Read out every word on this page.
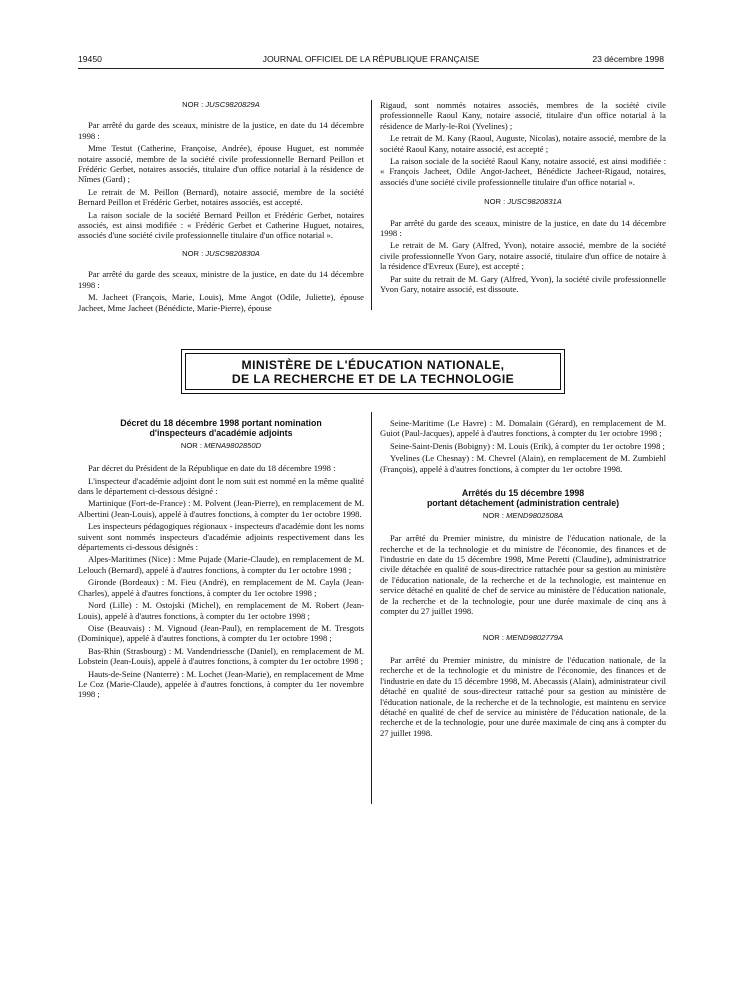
19450	JOURNAL OFFICIEL DE LA RÉPUBLIQUE FRANÇAISE	23 décembre 1998
NOR : JUSC9820829A

Par arrêté du garde des sceaux, ministre de la justice, en date du 14 décembre 1998 :

Mme Testut (Catherine, Françoise, Andrée), épouse Huguet, est nommée notaire associé, membre de la société civile professionnelle Bernard Peillon et Frédéric Gerbet, notaires associés, titulaire d'un office notarial à la résidence de Nîmes (Gard) ;

Le retrait de M. Peillon (Bernard), notaire associé, membre de la société Bernard Peillon et Frédéric Gerbet, notaires associés, est accepté.

La raison sociale de la société Bernard Peillon et Frédéric Gerbet, notaires associés, est ainsi modifiée : « Frédéric Gerbet et Catherine Huguet, notaires, associés d'une société civile professionnelle titulaire d'un office notarial ».

NOR : JUSC9820830A

Par arrêté du garde des sceaux, ministre de la justice, en date du 14 décembre 1998 :

M. Jacheet (François, Marie, Louis), Mme Angot (Odile, Juliette), épouse Jacheet, Mme Jacheet (Bénédicte, Marie-Pierre), épouse

Rigaud, sont nommés notaires associés, membres de la société civile professionnelle Raoul Kany, notaire associé, titulaire d'un office notarial à la résidence de Marly-le-Roi (Yvelines) ;

Le retrait de M. Kany (Raoul, Auguste, Nicolas), notaire associé, membre de la société Raoul Kany, notaire associé, est accepté ;

La raison sociale de la société Raoul Kany, notaire associé, est ainsi modifiée : « François Jacheet, Odile Angot-Jacheet, Bénédicte Jacheet-Rigaud, notaires, associés d'une société civile professionnelle titulaire d'un office notarial ».

NOR : JUSC9820831A

Par arrêté du garde des sceaux, ministre de la justice, en date du 14 décembre 1998 :

Le retrait de M. Gary (Alfred, Yvon), notaire associé, membre de la société civile professionnelle Yvon Gary, notaire associé, titulaire d'un office de notaire à la résidence d'Evreux (Eure), est accepté ;

Par suite du retrait de M. Gary (Alfred, Yvon), la société civile professionnelle Yvon Gary, notaire associé, est dissoute.

MINISTÈRE DE L'ÉDUCATION NATIONALE,
DE LA RECHERCHE ET DE LA TECHNOLOGIE
Décret du 18 décembre 1998 portant nomination
d'inspecteurs d'académie adjoints
NOR : MENA9802850D

Par décret du Président de la République en date du 18 décembre 1998 :

L'inspecteur d'académie adjoint dont le nom suit est nommé en la même qualité dans le département ci-dessous désigné :

Martinique (Fort-de-France) : M. Polvent (Jean-Pierre), en remplacement de M. Albertini (Jean-Louis), appelé à d'autres fonctions, à compter du 1er octobre 1998.

Les inspecteurs pédagogiques régionaux - inspecteurs d'académie dont les noms suivent sont nommés inspecteurs d'académie adjoints respectivement dans les départements ci-dessous désignés :

Alpes-Maritimes (Nice) : Mme Pujade (Marie-Claude), en remplacement de M. Lelouch (Bernard), appelé à d'autres fonctions, à compter du 1er octobre 1998 ;

Gironde (Bordeaux) : M. Fieu (André), en remplacement de M. Cayla (Jean-Charles), appelé à d'autres fonctions, à compter du 1er octobre 1998 ;

Nord (Lille) : M. Ostojski (Michel), en remplacement de M. Robert (Jean-Louis), appelé à d'autres fonctions, à compter du 1er octobre 1998 ;

Oise (Beauvais) : M. Vignoud (Jean-Paul), en remplacement de M. Tresgots (Dominique), appelé à d'autres fonctions, à compter du 1er octobre 1998 ;

Bas-Rhin (Strasbourg) : M. Vandendriessche (Daniel), en remplacement de M. Lobstein (Jean-Louis), appelé à d'autres fonctions, à compter du 1er octobre 1998 ;

Hauts-de-Seine (Nanterre) : M. Lochet (Jean-Marie), en remplacement de Mme Le Coz (Marie-Claude), appelée à d'autres fonctions, à compter du 1er novembre 1998 ;

Seine-Maritime (Le Havre) : M. Domalain (Gérard), en remplacement de M. Guiot (Paul-Jacques), appelé à d'autres fonctions, à compter du 1er octobre 1998 ;

Seine-Saint-Denis (Bobigny) : M. Louis (Erik), à compter du 1er octobre 1998 ;

Yvelines (Le Chesnay) : M. Chevrel (Alain), en remplacement de M. Zumbiehl (François), appelé à d'autres fonctions, à compter du 1er octobre 1998.

Arrêtés du 15 décembre 1998
portant détachement (administration centrale)
NOR : MEND9802508A

Par arrêté du Premier ministre, du ministre de l'éducation nationale, de la recherche et de la technologie et du ministre de l'économie, des finances et de l'industrie en date du 15 décembre 1998, Mme Peretti (Claudine), administratrice civile détachée en qualité de sous-directrice rattachée pour sa gestion au ministère de l'éducation nationale, de la recherche et de la technologie, est maintenue en service détaché en qualité de chef de service au ministère de l'éducation nationale, de la recherche et de la technologie, pour une durée maximale de cinq ans à compter du 27 juillet 1998.

NOR : MEND9802779A

Par arrêté du Premier ministre, du ministre de l'éducation nationale, de la recherche et de la technologie et du ministre de l'économie, des finances et de l'industrie en date du 15 décembre 1998, M. Abecassis (Alain), administrateur civil détaché en qualité de sous-directeur rattaché pour sa gestion au ministère de l'éducation nationale, de la recherche et de la technologie, est maintenu en service détaché en qualité de chef de service au ministère de l'éducation nationale, de la recherche et de la technologie, pour une durée maximale de cinq ans à compter du 27 juillet 1998.
